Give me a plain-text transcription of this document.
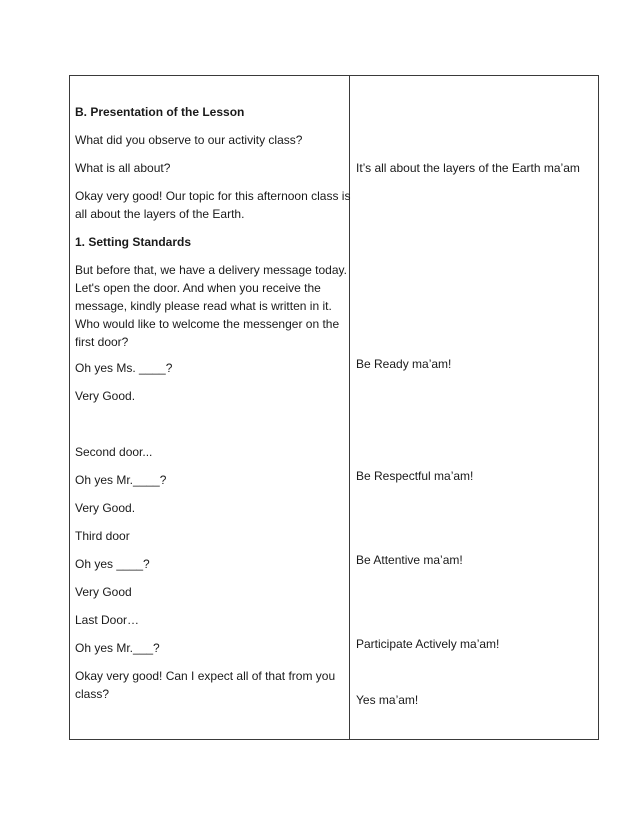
B. Presentation of the Lesson
What did you observe to our activity class?
What is all about?
Okay very good! Our topic for this afternoon class is
all about the layers of the Earth.
1. Setting Standards
But before that, we have a delivery message today.
Let's open the door. And when you receive the
message, kindly please read what is written in it.
Who would like to welcome the messenger on the
first door?
Oh yes Ms. ____?
Very Good.
Second door...
Oh yes Mr.____?
Very Good.
Third door
Oh yes ____?
Very Good
Last Door…
Oh yes Mr.___?
Okay very good! Can I expect all of that from you
class?
It’s all about the layers of the Earth ma’am
Be Ready ma’am!
Be Respectful ma’am!
Be Attentive ma’am!
Participate Actively ma’am!
Yes ma’am!
